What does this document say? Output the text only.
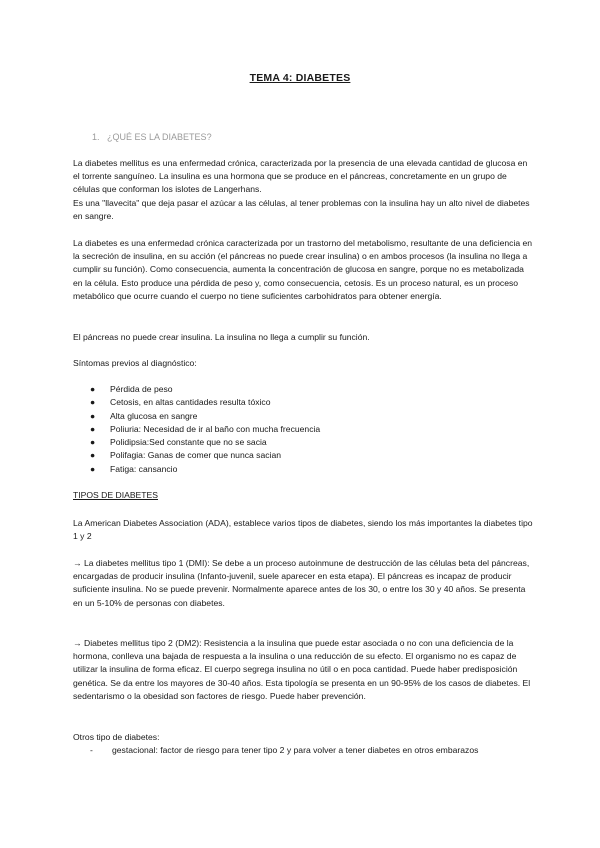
TEMA 4: DIABETES
1. ¿QUÉ ES LA DIABETES?

La diabetes mellitus es una enfermedad crónica, caracterizada por la presencia de una elevada cantidad de glucosa en el torrente sanguíneo. La insulina es una hormona que se produce en el páncreas, concretamente en un grupo de células que conforman los islotes de Langerhans.

Es una "llavecita" que deja pasar el azúcar a las células, al tener problemas con la insulina hay un alto nivel de diabetes en sangre.

La diabetes es una enfermedad crónica caracterizada por un trastorno del metabolismo, resultante de una deficiencia en la secreción de insulina, en su acción (el páncreas no puede crear insulina) o en ambos procesos (la insulina no llega a cumplir su función). Como consecuencia, aumenta la concentración de glucosa en sangre, porque no es metabolizada en la célula. Esto produce una pérdida de peso y, como consecuencia, cetosis. Es un proceso natural, es un proceso metabólico que ocurre cuando el cuerpo no tiene suficientes carbohidratos para obtener energía.

El páncreas no puede crear insulina. La insulina no llega a cumplir su función.

Síntomas previos al diagnóstico:

● Pérdida de peso
● Cetosis, en altas cantidades resulta tóxico
● Alta glucosa en sangre
● Poliuria: Necesidad de ir al baño con mucha frecuencia
● Polidipsia:Sed constante que no se sacia
● Polifagia: Ganas de comer que nunca sacian
● Fatiga: cansancio
TIPOS DE DIABETES

La American Diabetes Association (ADA), establece varios tipos de diabetes, siendo los más importantes la diabetes tipo 1 y 2

→ La diabetes mellitus tipo 1 (DMI): Se debe a un proceso autoinmune de destrucción de las células beta del páncreas, encargadas de producir insulina (Infanto-juvenil, suele aparecer en esta etapa). El páncreas es incapaz de producir suficiente insulina. No se puede prevenir. Normalmente aparece antes de los 30, o entre los 30 y 40 años. Se presenta en un 5-10% de personas con diabetes.

→ Diabetes mellitus tipo 2 (DM2): Resistencia a la insulina que puede estar asociada o no con una deficiencia de la hormona, conlleva una bajada de respuesta a la insulina o una reducción de su efecto. El organismo no es capaz de utilizar la insulina de forma eficaz. El cuerpo segrega insulina no útil o en poca cantidad. Puede haber predisposición genética. Se da entre los mayores de 30-40 años. Esta tipología se presenta en un 90-95% de los casos de diabetes. El sedentarismo o la obesidad son factores de riesgo. Puede haber prevención.

Otros tipo de diabetes:

- gestacional: factor de riesgo para tener tipo 2 y para volver a tener diabetes en otros embarazos
